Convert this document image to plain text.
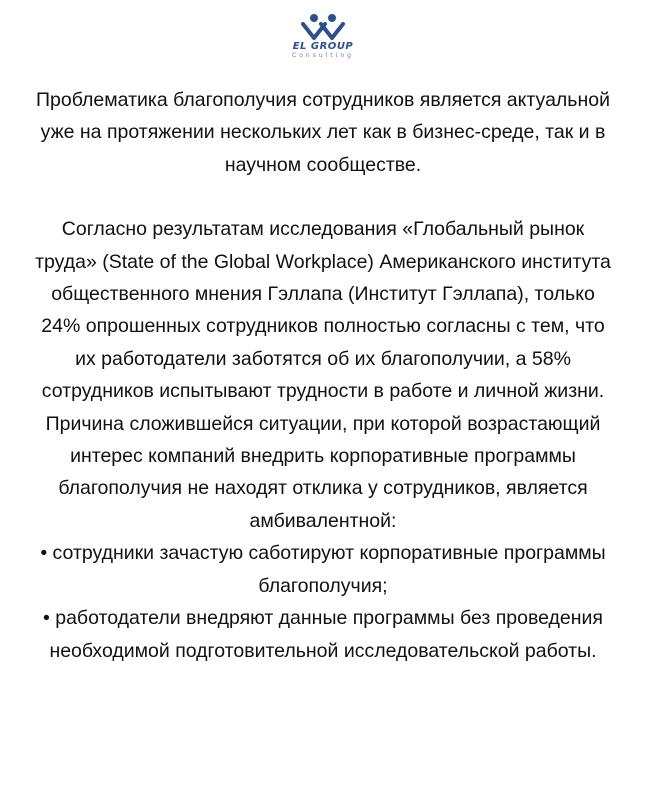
EL GROUP
Consulting

Проблематика благополучия сотрудников является актуальной уже на протяжении нескольких лет как в бизнес-среде, так и в научном сообществе.

Согласно результатам исследования «Глобальный рынок труда» (State of the Global Workplace) Американского института общественного мнения Гэллапа (Институт Гэллапа), только 24% опрошенных сотрудников полностью согласны с тем, что их работодатели заботятся об их благополучии, а 58% сотрудников испытывают трудности в работе и личной жизни.

Причина сложившейся ситуации, при которой возрастающий интерес компаний внедрить корпоративные программы благополучия не находят отклика у сотрудников, является амбивалентной:

• сотрудники зачастую саботируют корпоративные программы благополучия;

• работодатели внедряют данные программы без проведения необходимой подготовительной исследовательской работы.
